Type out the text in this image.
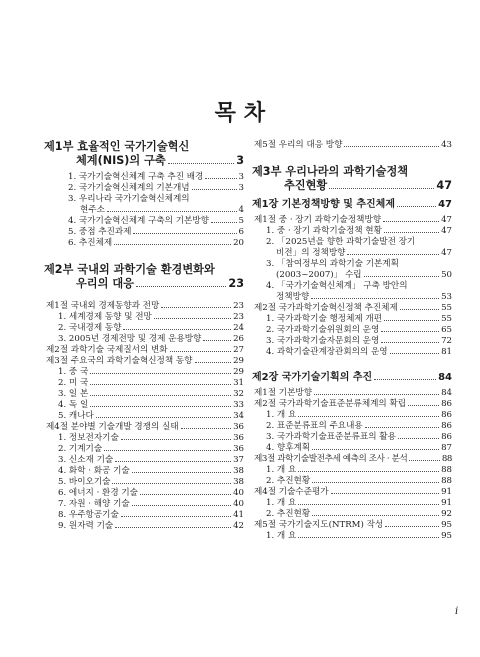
목 차
제1부 효율적인 국가기술혁신
체계(NIS)의 구축	3
1. 국가기술혁신체계 구축 추진 배경	3
2. 국가기술혁신체계의 기본개념	3
3. 우리나라 국가기술혁신체계의
현주소	4
4. 국가기술혁신체계 구축의 기본방향	5
5. 중점 추진과제	6
6. 추진체제	20
제2부 국내외 과학기술 환경변화와
우리의 대응	23
제1절 국내외 경제동향과 전망	23
1. 세계경제 동향 및 전망	23
2. 국내경제 동향	24
3. 2005년 경제전망 및 경제 운용방향	26
제2절 과학기술 국제질서의 변화	27
제3절 주요국의 과학기술혁신정책 동향	29
1. 중 국	29
2. 미 국	31
3. 일 본	32
4. 독 일	33
5. 캐나다	34
제4절 분야별 기술개발 경쟁의 실태	36
1. 정보전자기술	36
2. 기계기술	36
3. 신소재 기술	37
4. 화학 · 화공 기술	38
5. 바이오기술	38
6. 에너지 · 환경 기술	40
7. 자원 · 해양 기술	40
8. 우주항공기술	41
9. 원자력 기술	42
제5절 우리의 대응 방향	43
제3부 우리나라의 과학기술정책
추진현황	47
제1장 기본정책방향 및 추진체제	47
제1절 중 · 장기 과학기술정책방향	47
1. 중 · 장기 과학기술정책 현황	47
2. 「2025년을 향한 과학기술발전 장기
비전」의 정책방향	47
3. 「참여정부의 과학기술 기본계획
(2003~2007)」 수립	50
4. 「국가기술혁신체계」 구축 방안의
정책방향	53
제2절 국가과학기술혁신정책 추진체제	55
1. 국가과학기술 행정체제 개편	55
2. 국가과학기술위원회의 운영	65
3. 국가과학기술자문회의 운영	72
4. 과학기술관계장관회의의 운영	81
제2장 국가기술기획의 추진	84
제1절 기본방향	84
제2절 국가과학기술표준분류체계의 확립	86
1. 개 요	86
2. 표준분류표의 주요내용	86
3. 국가과학기술표준분류표의 활용	86
4. 향후계획	87
제3절 과학기술발전추세 예측의 조사 · 분석	88
1. 개 요	88
2. 추진현황	88
제4절 기술수준평가	91
1. 개 요	91
2. 추진현황	92
제5절 국가기술지도(NTRM) 작성	95
1. 개 요	95
i
